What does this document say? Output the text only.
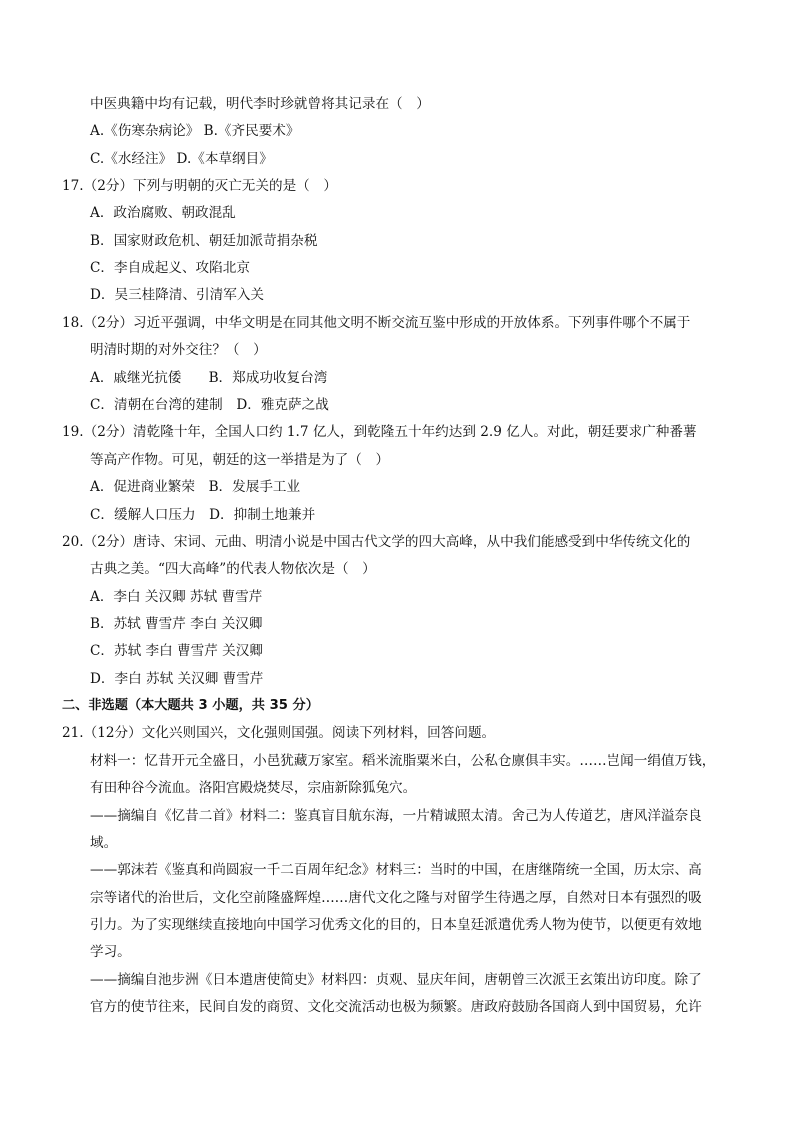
中医典籍中均有记载，明代李时珍就曾将其记录在（　）
A.《伤寒杂病论》 B.《齐民要术》
C.《水经注》 D.《本草纲目》
17.（2分）下列与明朝的灭亡无关的是（　）
A．政治腐败、朝政混乱
B．国家财政危机、朝廷加派苛捐杂税
C．李自成起义、攻陷北京
D．吴三桂降清、引清军入关
18.（2分）习近平强调，中华文明是在同其他文明不断交流互鉴中形成的开放体系。下列事件哪个不属于
明清时期的对外交往？（　）
A．戚继光抗倭　　B．郑成功收复台湾
C．清朝在台湾的建制　D．雅克萨之战
19.（2分）清乾隆十年，全国人口约 1.7 亿人，到乾隆五十年约达到 2.9 亿人。对此，朝廷要求广种番薯
等高产作物。可见，朝廷的这一举措是为了（　）
A．促进商业繁荣　B．发展手工业
C．缓解人口压力　D．抑制土地兼并
20.（2分）唐诗、宋词、元曲、明清小说是中国古代文学的四大高峰，从中我们能感受到中华传统文化的
古典之美。“四大高峰”的代表人物依次是（　）
A．李白 关汉卿 苏轼 曹雪芹
B．苏轼 曹雪芹 李白 关汉卿
C．苏轼 李白 曹雪芹 关汉卿
D．李白 苏轼 关汉卿 曹雪芹
二、非选题（本大题共 3 小题，共 35 分）
21.（12分）文化兴则国兴，文化强则国强。阅读下列材料，回答问题。
材料一：忆昔开元全盛日，小邑犹藏万家室。稻米流脂粟米白，公私仓廪俱丰实。……岂闻一绢值万钱，
有田种谷今流血。洛阳宫殿烧焚尽，宗庙新除狐兔穴。
——摘编自《忆昔二首》材料二：鉴真盲目航东海，一片精诚照太清。舍己为人传道艺，唐风洋溢奈良
域。
——郭沫若《鉴真和尚圆寂一千二百周年纪念》材料三：当时的中国，在唐继隋统一全国，历太宗、高
宗等诸代的治世后，文化空前隆盛辉煌……唐代文化之隆与对留学生待遇之厚，自然对日本有强烈的吸
引力。为了实现继续直接地向中国学习优秀文化的目的，日本皇廷派遣优秀人物为使节，以便更有效地
学习。
——摘编自池步洲《日本遣唐使简史》材料四：贞观、显庆年间，唐朝曾三次派王玄策出访印度。除了
官方的使节往来，民间自发的商贸、文化交流活动也极为频繁。唐政府鼓励各国商人到中国贸易，允许
